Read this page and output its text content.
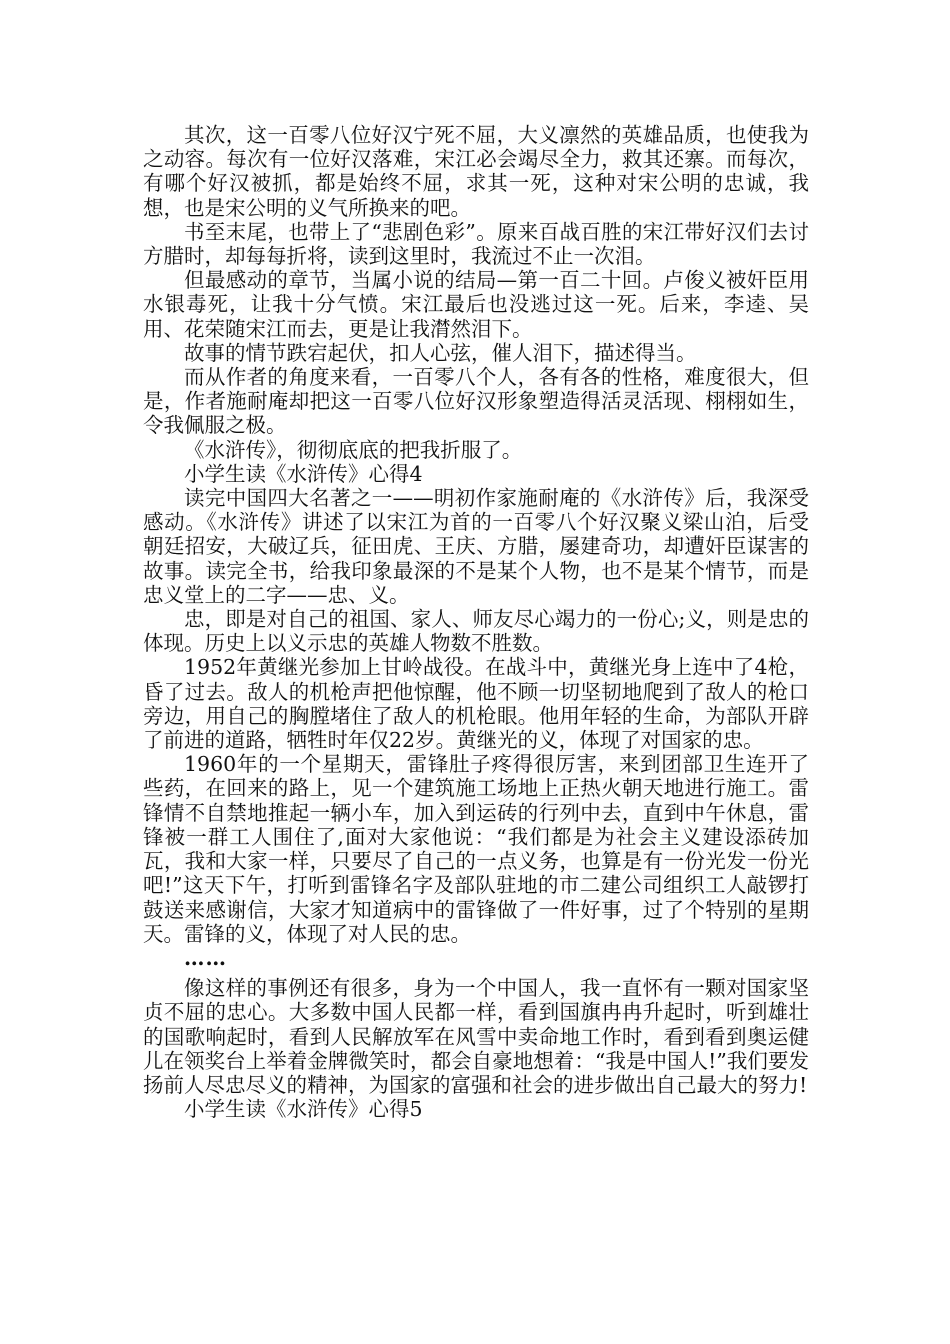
其次，这一百零八位好汉宁死不屈，大义凛然的英雄品质，也使我为之动容。每次有一位好汉落难，宋江必会竭尽全力，救其还寨。而每次，有哪个好汉被抓，都是始终不屈，求其一死，这种对宋公明的忠诚，我想，也是宋公明的义气所换来的吧。

书至末尾，也带上了“悲剧色彩”。原来百战百胜的宋江带好汉们去讨方腊时，却每每折将，读到这里时，我流过不止一次泪。

但最感动的章节，当属小说的结局—第一百二十回。卢俊义被奸臣用水银毒死，让我十分气愤。宋江最后也没逃过这一死。后来，李逵、吴用、花荣随宋江而去，更是让我潸然泪下。

故事的情节跌宕起伏，扣人心弦，催人泪下，描述得当。

而从作者的角度来看，一百零八个人，各有各的性格，难度很大，但是，作者施耐庵却把这一百零八位好汉形象塑造得活灵活现、栩栩如生，令我佩服之极。

《水浒传》，彻彻底底的把我折服了。

小学生读《水浒传》心得4

读完中国四大名著之一——明初作家施耐庵的《水浒传》后，我深受感动。《水浒传》讲述了以宋江为首的一百零八个好汉聚义梁山泊，后受朝廷招安，大破辽兵，征田虎、王庆、方腊，屡建奇功，却遭奸臣谋害的故事。读完全书，给我印象最深的不是某个人物，也不是某个情节，而是忠义堂上的二字——忠、义。

忠，即是对自己的祖国、家人、师友尽心竭力的一份心;义，则是忠的体现。历史上以义示忠的英雄人物数不胜数。

1952年黄继光参加上甘岭战役。在战斗中，黄继光身上连中了4枪，昏了过去。敌人的机枪声把他惊醒，他不顾一切坚韧地爬到了敌人的枪口旁边，用自己的胸膛堵住了敌人的机枪眼。他用年轻的生命，为部队开辟了前进的道路，牺牲时年仅22岁。黄继光的义，体现了对国家的忠。

1960年的一个星期天，雷锋肚子疼得很厉害，来到团部卫生连开了些药，在回来的路上，见一个建筑施工场地上正热火朝天地进行施工。雷锋情不自禁地推起一辆小车，加入到运砖的行列中去，直到中午休息，雷锋被一群工人围住了,面对大家他说：“我们都是为社会主义建设添砖加瓦，我和大家一样，只要尽了自己的一点义务，也算是有一份光发一份光吧!”这天下午，打听到雷锋名字及部队驻地的市二建公司组织工人敲锣打鼓送来感谢信，大家才知道病中的雷锋做了一件好事，过了个特别的星期天。雷锋的义，体现了对人民的忠。

……

像这样的事例还有很多，身为一个中国人，我一直怀有一颗对国家坚贞不屈的忠心。大多数中国人民都一样，看到国旗冉冉升起时，听到雄壮的国歌响起时，看到人民解放军在风雪中卖命地工作时，看到看到奥运健儿在领奖台上举着金牌微笑时，都会自豪地想着：“我是中国人!”我们要发扬前人尽忠尽义的精神，为国家的富强和社会的进步做出自己最大的努力!

小学生读《水浒传》心得5
